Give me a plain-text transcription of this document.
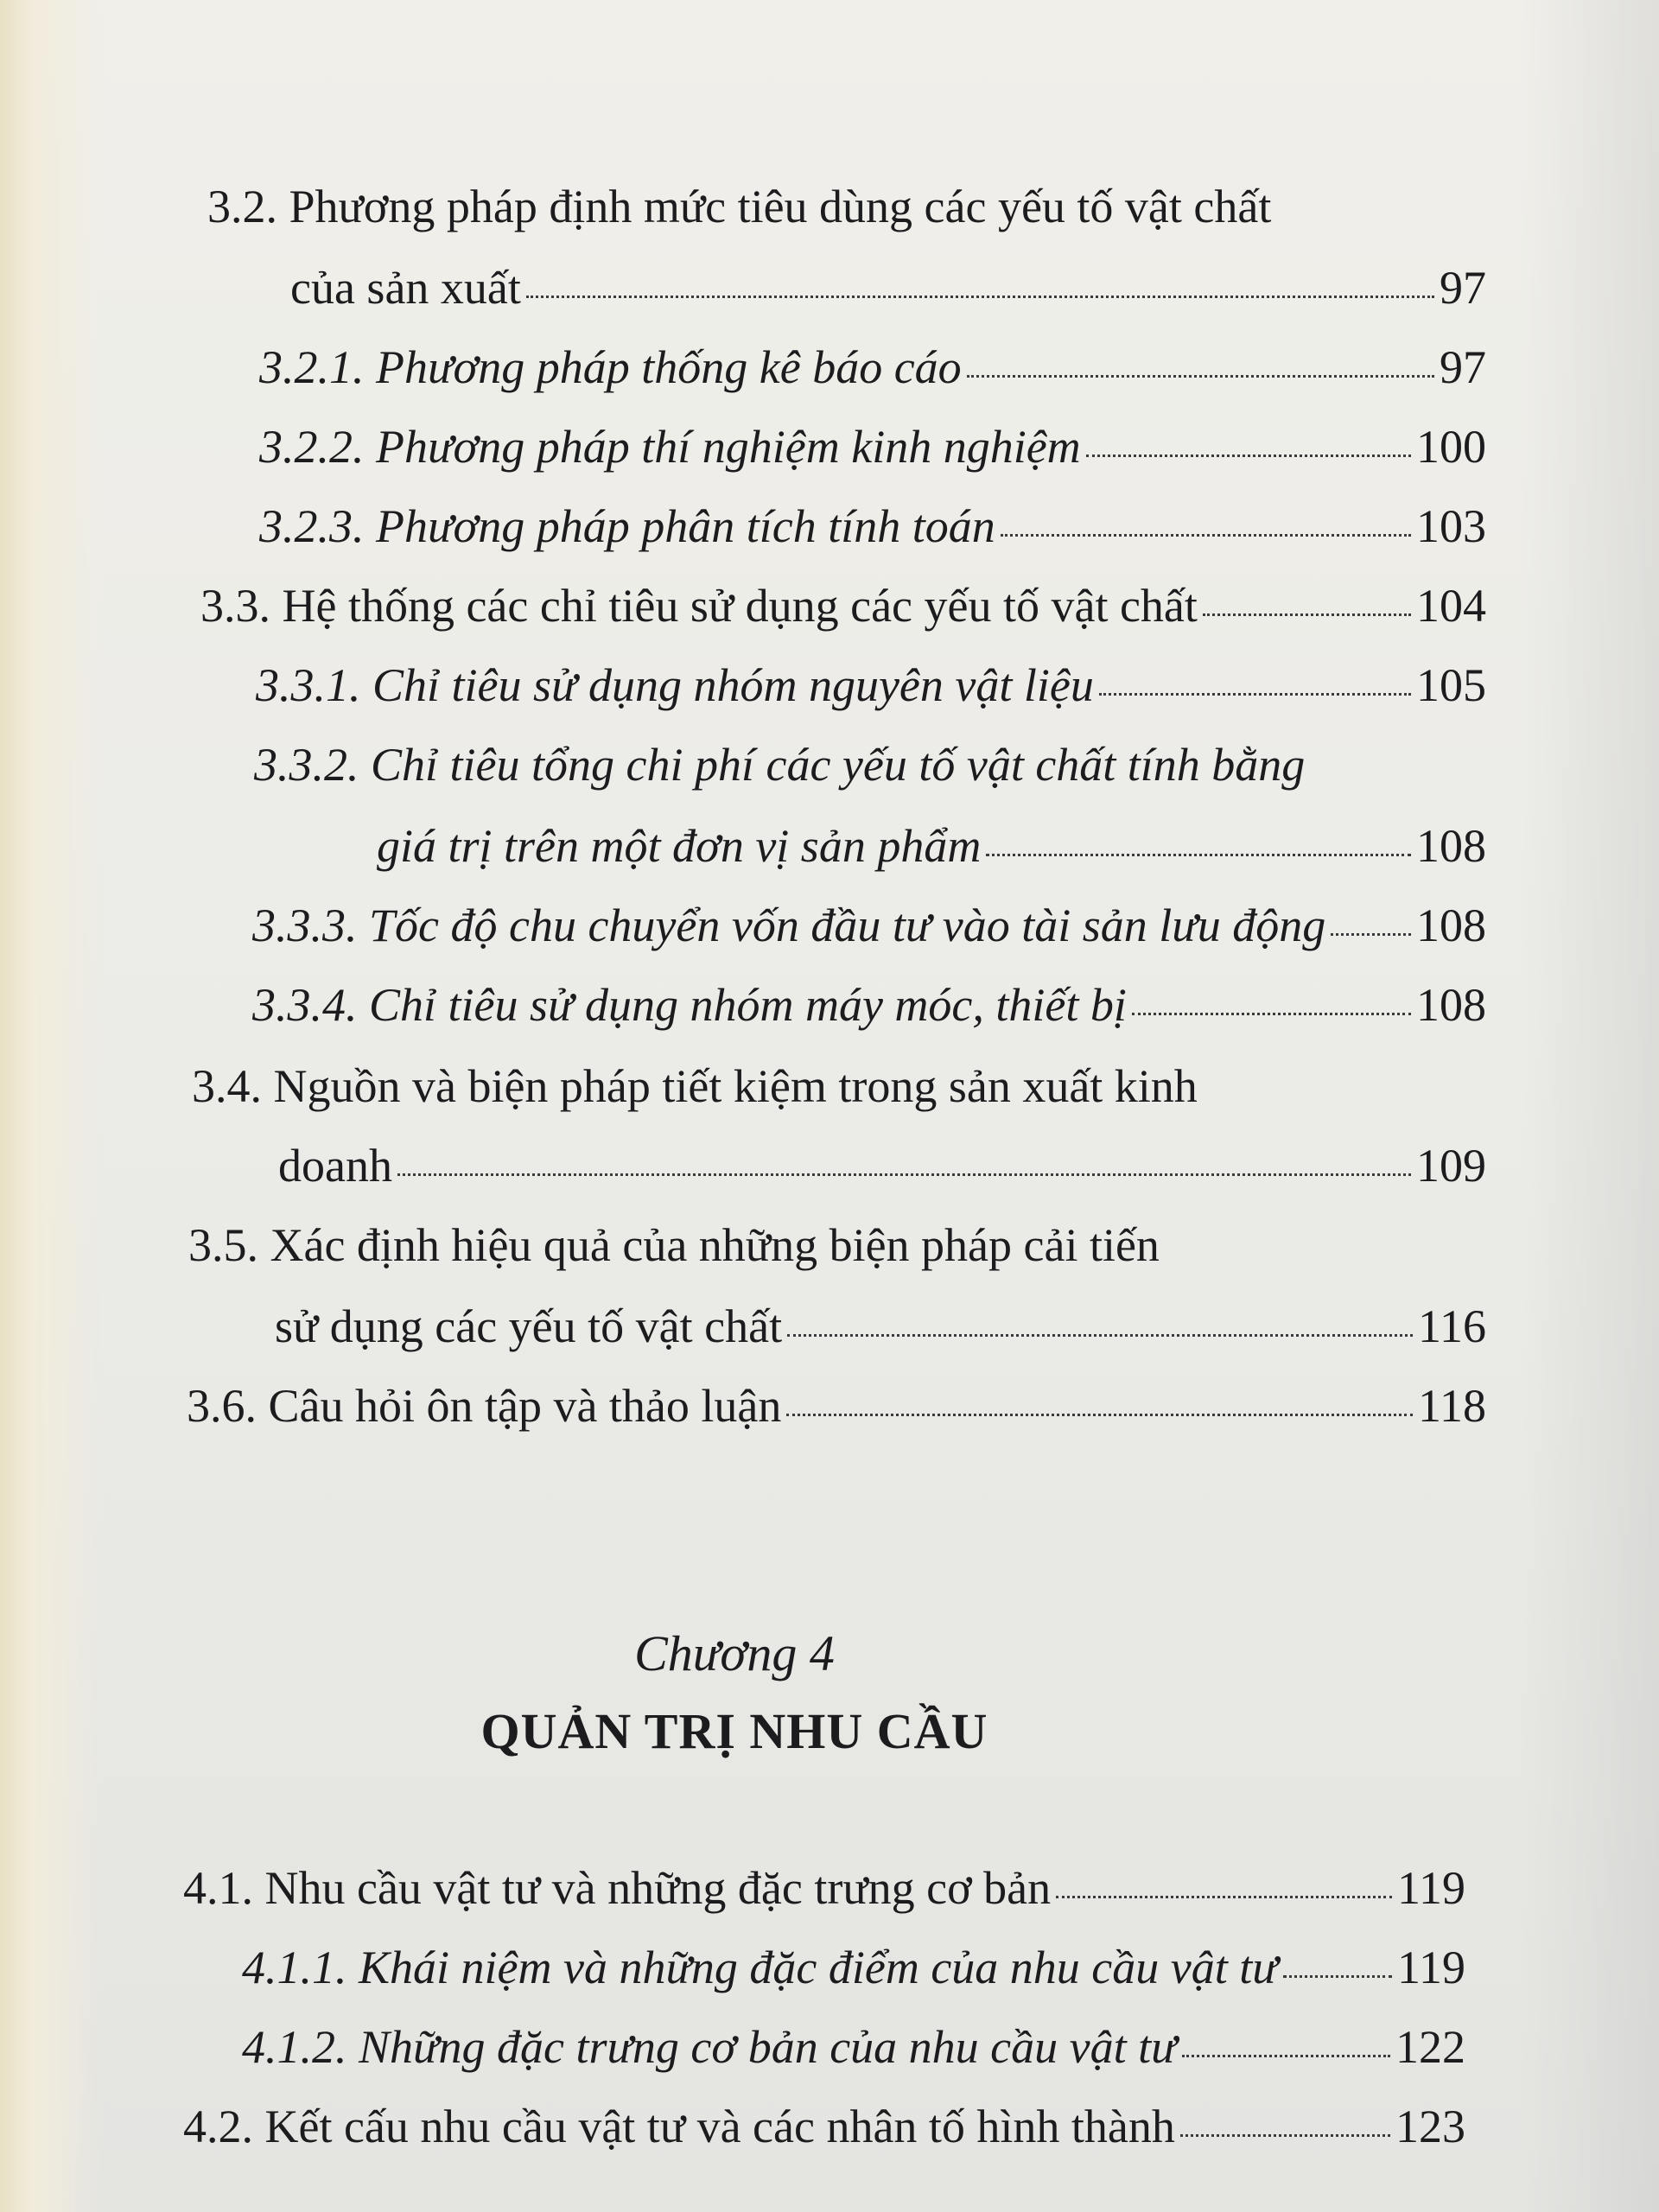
3.2. Phương pháp định mức tiêu dùng các yếu tố vật chất
của sản xuất	97
3.2.1. Phương pháp thống kê báo cáo	97
3.2.2. Phương pháp thí nghiệm kinh nghiệm	100
3.2.3. Phương pháp phân tích tính toán	103
3.3. Hệ thống các chỉ tiêu sử dụng các yếu tố vật chất	104
3.3.1. Chỉ tiêu sử dụng nhóm nguyên vật liệu	105
3.3.2. Chỉ tiêu tổng chi phí các yếu tố vật chất tính bằng
giá trị trên một đơn vị sản phẩm	108
3.3.3. Tốc độ chu chuyển vốn đầu tư vào tài sản lưu động 108
3.3.4. Chỉ tiêu sử dụng nhóm máy móc, thiết bị	108
3.4. Nguồn và biện pháp tiết kiệm trong sản xuất kinh
doanh	109
3.5. Xác định hiệu quả của những biện pháp cải tiến
sử dụng các yếu tố vật chất	116
3.6. Câu hỏi ôn tập và thảo luận	118
Chương 4
QUẢN TRỊ NHU CẦU
4.1. Nhu cầu vật tư và những đặc trưng cơ bản	119
4.1.1. Khái niệm và những đặc điểm của nhu cầu vật tư	119
4.1.2. Những đặc trưng cơ bản của nhu cầu vật tư	122
4.2. Kết cấu nhu cầu vật tư và các nhân tố hình thành	123
